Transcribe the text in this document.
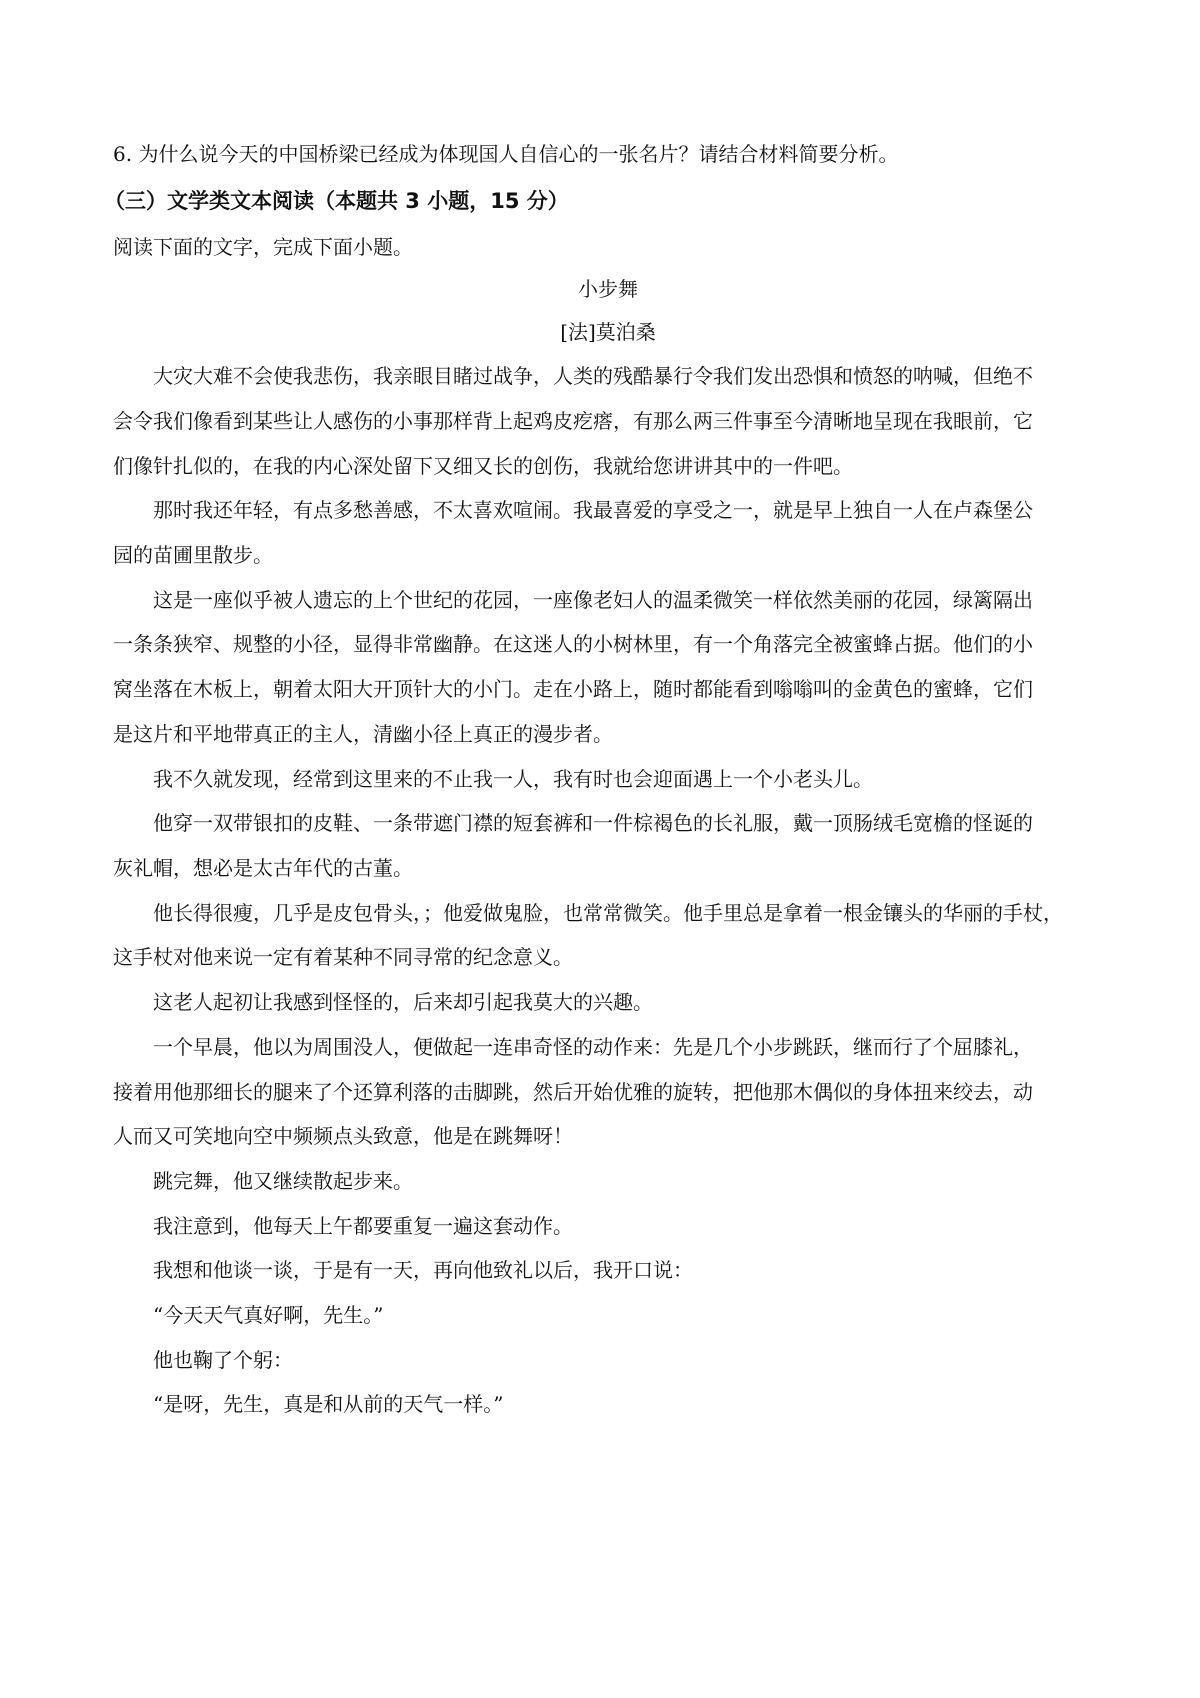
6. 为什么说今天的中国桥梁已经成为体现国人自信心的一张名片？请结合材料简要分析。
（三）文学类文本阅读（本题共 3 小题，15 分）
阅读下面的文字，完成下面小题。
小步舞
[法]莫泊桑
大灾大难不会使我悲伤，我亲眼目睹过战争，人类的残酷暴行令我们发出恐惧和愤怒的呐喊，但绝不
会令我们像看到某些让人感伤的小事那样背上起鸡皮疙瘩，有那么两三件事至今清晰地呈现在我眼前，它
们像针扎似的，在我的内心深处留下又细又长的创伤，我就给您讲讲其中的一件吧。
那时我还年轻，有点多愁善感，不太喜欢喧闹。我最喜爱的享受之一，就是早上独自一人在卢森堡公
园的苗圃里散步。
这是一座似乎被人遗忘的上个世纪的花园，一座像老妇人的温柔微笑一样依然美丽的花园，绿篱隔出
一条条狭窄、规整的小径，显得非常幽静。在这迷人的小树林里，有一个角落完全被蜜蜂占据。他们的小
窝坐落在木板上，朝着太阳大开顶针大的小门。走在小路上，随时都能看到嗡嗡叫的金黄色的蜜蜂，它们
是这片和平地带真正的主人，清幽小径上真正的漫步者。
我不久就发现，经常到这里来的不止我一人，我有时也会迎面遇上一个小老头儿。
他穿一双带银扣的皮鞋、一条带遮门襟的短套裤和一件棕褐色的长礼服，戴一顶肠绒毛宽檐的怪诞的
灰礼帽，想必是太古年代的古董。
他长得很瘦，几乎是皮包骨头，；他爱做鬼脸，也常常微笑。他手里总是拿着一根金镶头的华丽的手杖，
这手杖对他来说一定有着某种不同寻常的纪念意义。
这老人起初让我感到怪怪的，后来却引起我莫大的兴趣。
一个早晨，他以为周围没人，便做起一连串奇怪的动作来：先是几个小步跳跃，继而行了个屈膝礼，
接着用他那细长的腿来了个还算利落的击脚跳，然后开始优雅的旋转，把他那木偶似的身体扭来绞去，动
人而又可笑地向空中频频点头致意，他是在跳舞呀！
跳完舞，他又继续散起步来。
我注意到，他每天上午都要重复一遍这套动作。
我想和他谈一谈，于是有一天，再向他致礼以后，我开口说：
“今天天气真好啊，先生。”
他也鞠了个躬：
“是呀，先生，真是和从前的天气一样。”
